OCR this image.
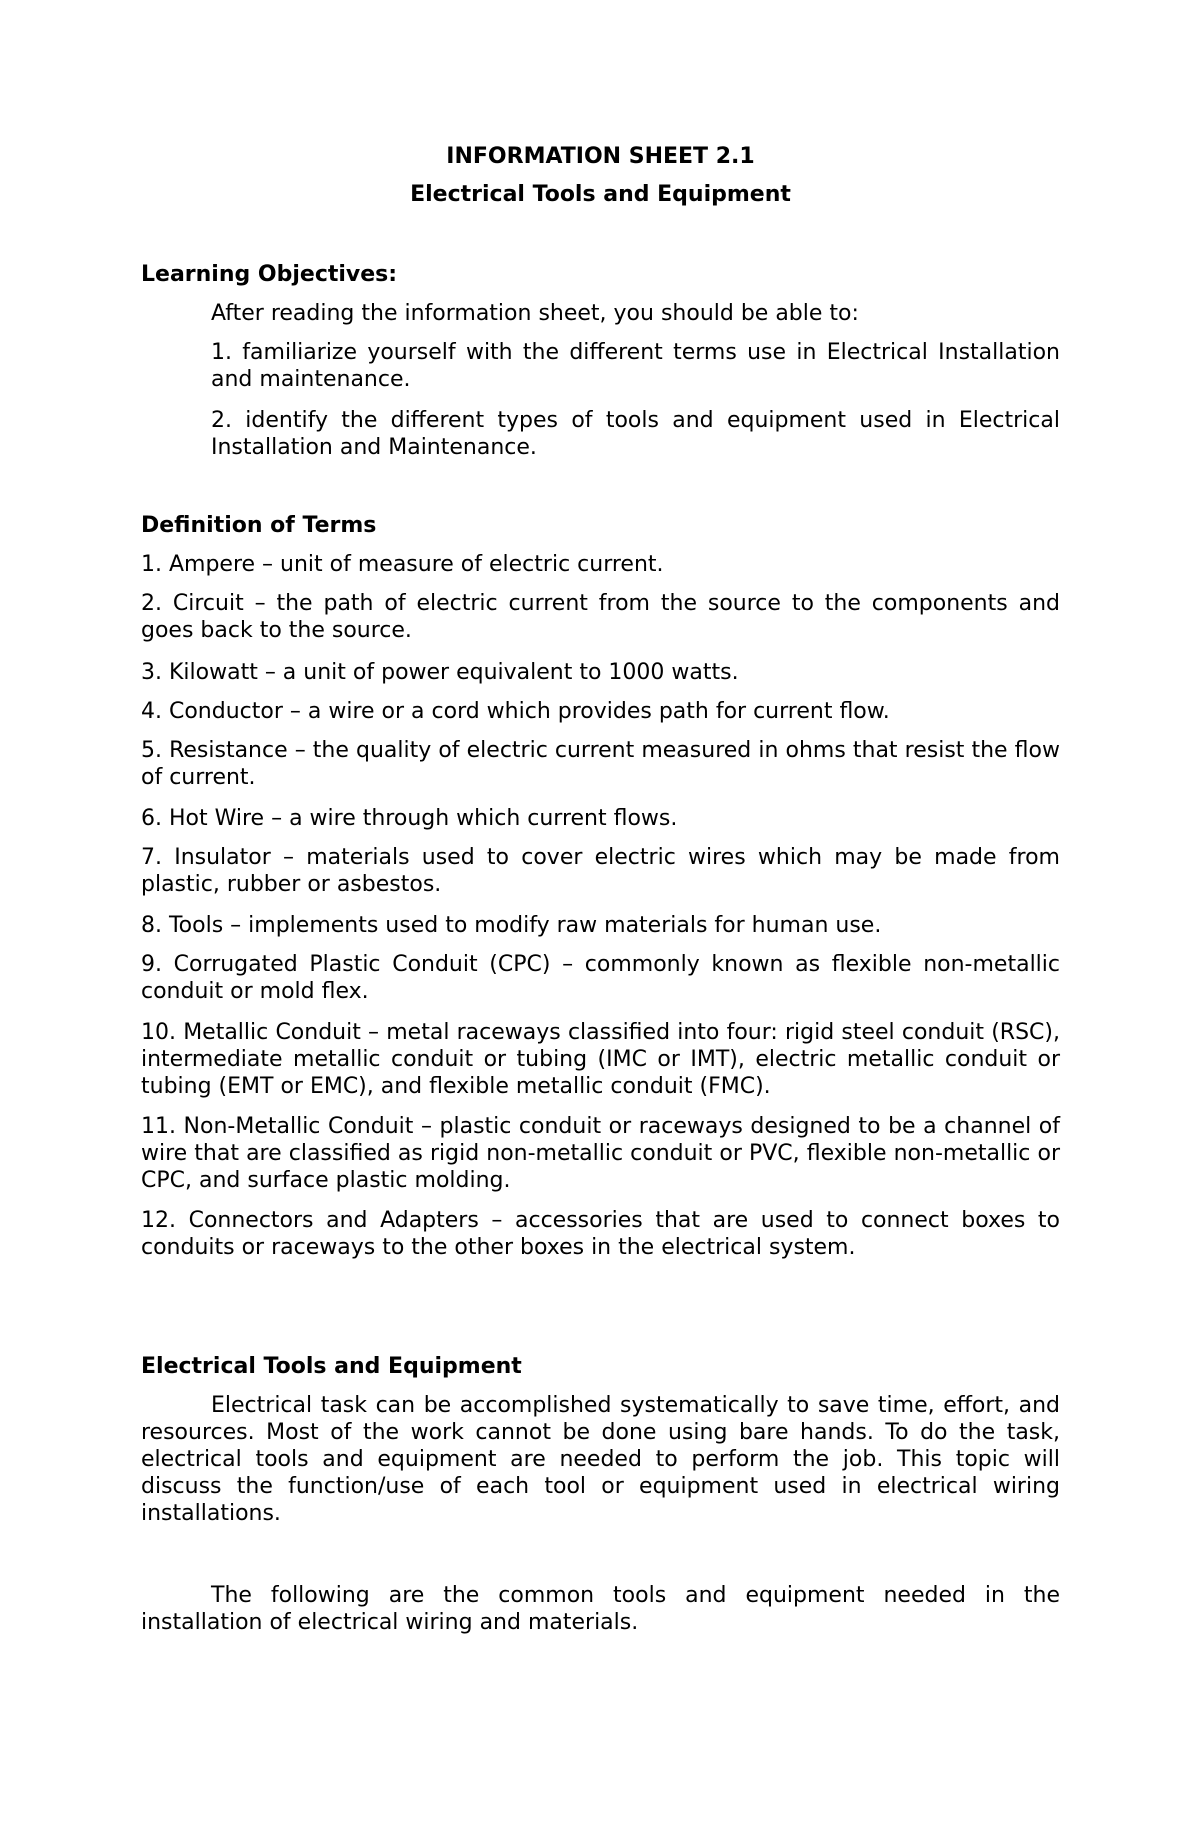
INFORMATION SHEET 2.1
Electrical Tools and Equipment
Learning Objectives:

After reading the information sheet, you should be able to:

1. familiarize yourself with the different terms use in Electrical Installation and maintenance.

2. identify the different types of tools and equipment used in Electrical Installation and Maintenance.

Definition of Terms

1. Ampere – unit of measure of electric current.

2. Circuit – the path of electric current from the source to the components and goes back to the source.

3. Kilowatt – a unit of power equivalent to 1000 watts.

4. Conductor – a wire or a cord which provides path for current flow.

5. Resistance – the quality of electric current measured in ohms that resist the flow of current.

6. Hot Wire – a wire through which current flows.

7. Insulator – materials used to cover electric wires which may be made from plastic, rubber or asbestos.

8. Tools – implements used to modify raw materials for human use.

9. Corrugated Plastic Conduit (CPC) – commonly known as flexible non-metallic conduit or mold flex.

10. Metallic Conduit – metal raceways classified into four: rigid steel conduit (RSC), intermediate metallic conduit or tubing (IMC or IMT), electric metallic conduit or tubing (EMT or EMC), and flexible metallic conduit (FMC).

11. Non-Metallic Conduit – plastic conduit or raceways designed to be a channel of wire that are classified as rigid non-metallic conduit or PVC, flexible non-metallic or CPC, and surface plastic molding.

12. Connectors and Adapters – accessories that are used to connect boxes to conduits or raceways to the other boxes in the electrical system.

Electrical Tools and Equipment

Electrical task can be accomplished systematically to save time, effort, and resources. Most of the work cannot be done using bare hands. To do the task, electrical tools and equipment are needed to perform the job. This topic will discuss the function/use of each tool or equipment used in electrical wiring installations.

The following are the common tools and equipment needed in the installation of electrical wiring and materials.
